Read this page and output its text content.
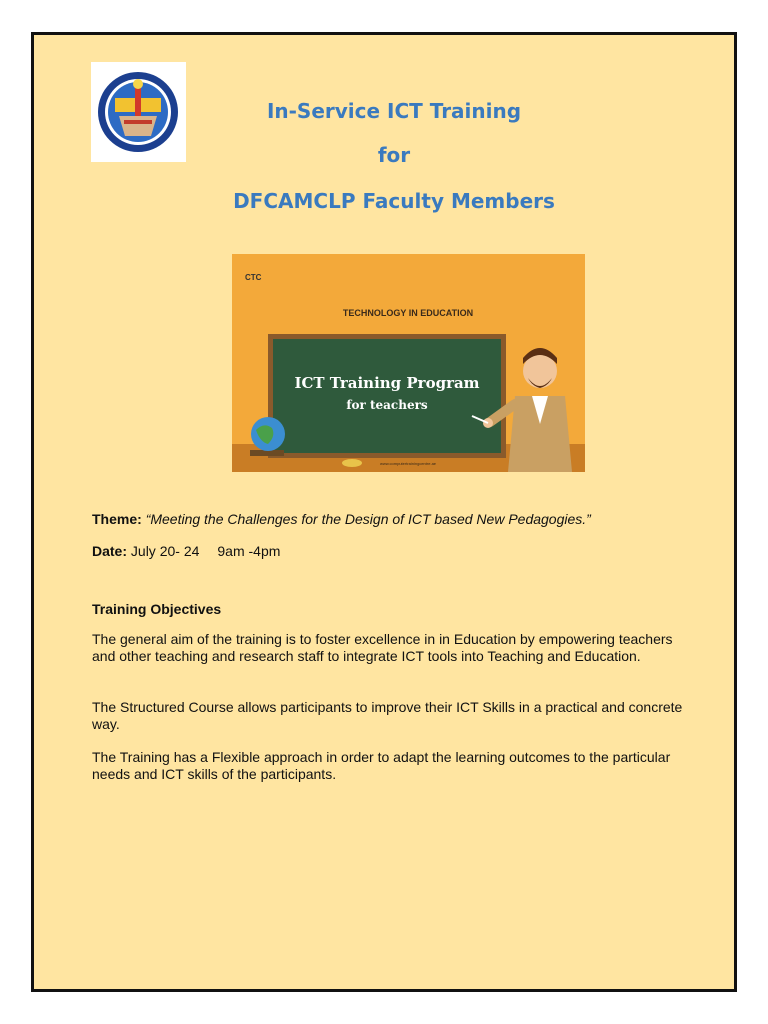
In-Service ICT Training
for
DFCAMCLP Faculty Members
CTC
TECHNOLOGY IN EDUCATION
ICT Training Program
for teachers
www.computertrainingcentre.ae
Theme: “Meeting the Challenges for the Design of ICT based New Pedagogies.”
Date: July 20- 24 9am -4pm
Training Objectives
The general aim of the training is to foster excellence in in Education by empowering teachers and other teaching and research staff to integrate ICT tools into Teaching and Education.
The Structured Course allows participants to improve their ICT Skills in a practical and concrete way.
The Training has a Flexible approach in order to adapt the learning outcomes to the particular needs and ICT skills of the participants.
